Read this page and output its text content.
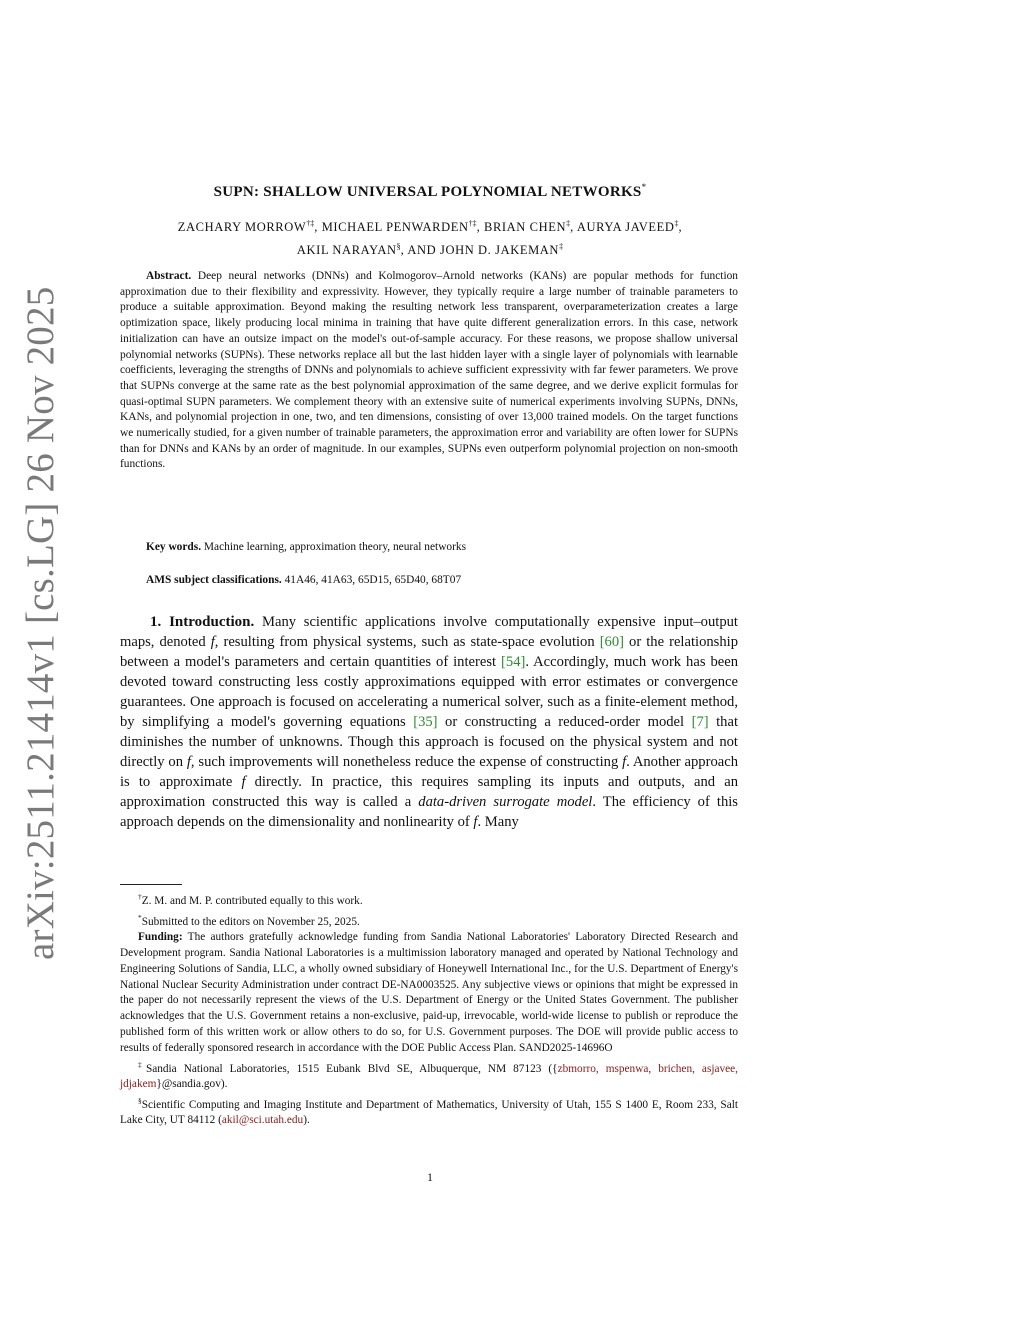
arXiv:2511.21414v1 [cs.LG] 26 Nov 2025
SUPN: SHALLOW UNIVERSAL POLYNOMIAL NETWORKS*
ZACHARY MORROW†‡, MICHAEL PENWARDEN†‡, BRIAN CHEN‡, AURYA JAVEED‡,
AKIL NARAYAN§, AND JOHN D. JAKEMAN‡
Abstract. Deep neural networks (DNNs) and Kolmogorov–Arnold networks (KANs) are popular methods for function approximation due to their flexibility and expressivity. However, they typically require a large number of trainable parameters to produce a suitable approximation. Beyond making the resulting network less transparent, overparameterization creates a large optimization space, likely producing local minima in training that have quite different generalization errors. In this case, network initialization can have an outsize impact on the model's out-of-sample accuracy. For these reasons, we propose shallow universal polynomial networks (SUPNs). These networks replace all but the last hidden layer with a single layer of polynomials with learnable coefficients, leveraging the strengths of DNNs and polynomials to achieve sufficient expressivity with far fewer parameters. We prove that SUPNs converge at the same rate as the best polynomial approximation of the same degree, and we derive explicit formulas for quasi-optimal SUPN parameters. We complement theory with an extensive suite of numerical experiments involving SUPNs, DNNs, KANs, and polynomial projection in one, two, and ten dimensions, consisting of over 13,000 trained models. On the target functions we numerically studied, for a given number of trainable parameters, the approximation error and variability are often lower for SUPNs than for DNNs and KANs by an order of magnitude. In our examples, SUPNs even outperform polynomial projection on non-smooth functions.
Key words. Machine learning, approximation theory, neural networks
AMS subject classifications. 41A46, 41A63, 65D15, 65D40, 68T07
1. Introduction. Many scientific applications involve computationally expensive input–output maps, denoted f, resulting from physical systems, such as state-space evolution [60] or the relationship between a model's parameters and certain quantities of interest [54]. Accordingly, much work has been devoted toward constructing less costly approximations equipped with error estimates or convergence guarantees. One approach is focused on accelerating a numerical solver, such as a finite-element method, by simplifying a model's governing equations [35] or constructing a reduced-order model [7] that diminishes the number of unknowns. Though this approach is focused on the physical system and not directly on f, such improvements will nonetheless reduce the expense of constructing f. Another approach is to approximate f directly. In practice, this requires sampling its inputs and outputs, and an approximation constructed this way is called a data-driven surrogate model. The efficiency of this approach depends on the dimensionality and nonlinearity of f. Many

†Z. M. and M. P. contributed equally to this work.

*Submitted to the editors on November 25, 2025.

Funding: The authors gratefully acknowledge funding from Sandia National Laboratories' Laboratory Directed Research and Development program. Sandia National Laboratories is a multimission laboratory managed and operated by National Technology and Engineering Solutions of Sandia, LLC, a wholly owned subsidiary of Honeywell International Inc., for the U.S. Department of Energy's National Nuclear Security Administration under contract DE-NA0003525. Any subjective views or opinions that might be expressed in the paper do not necessarily represent the views of the U.S. Department of Energy or the United States Government. The publisher acknowledges that the U.S. Government retains a non-exclusive, paid-up, irrevocable, world-wide license to publish or reproduce the published form of this written work or allow others to do so, for U.S. Government purposes. The DOE will provide public access to results of federally sponsored research in accordance with the DOE Public Access Plan. SAND2025-14696O

‡Sandia National Laboratories, 1515 Eubank Blvd SE, Albuquerque, NM 87123 ({zbmorro, mspenwa, brichen, asjavee, jdjakem}@sandia.gov).

§Scientific Computing and Imaging Institute and Department of Mathematics, University of Utah, 155 S 1400 E, Room 233, Salt Lake City, UT 84112 (akil@sci.utah.edu).

1
